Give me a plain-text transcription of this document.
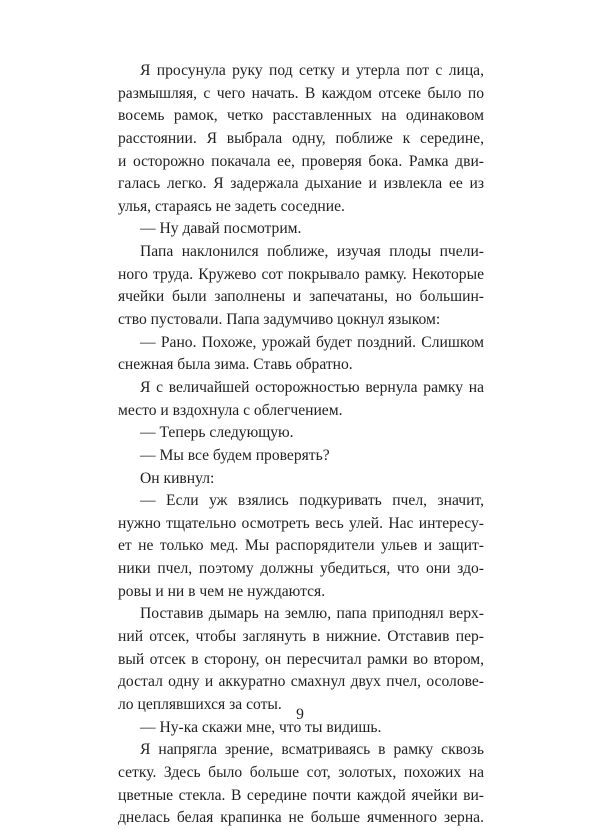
Я просунула руку под сетку и утерла пот с лица,
размышляя, с чего начать. В каждом отсеке было по
восемь рамок, четко расставленных на одинаковом
расстоянии. Я выбрала одну, поближе к середине,
и осторожно покачала ее, проверяя бока. Рамка дви-
галась легко. Я задержала дыхание и извлекла ее из
улья, стараясь не задеть соседние.
— Ну давай посмотрим.
Папа наклонился поближе, изучая плоды пчели-
ного труда. Кружево сот покрывало рамку. Некоторые
ячейки были заполнены и запечатаны, но большин-
ство пустовали. Папа задумчиво цокнул языком:
— Рано. Похоже, урожай будет поздний. Слишком
снежная была зима. Ставь обратно.
Я с величайшей осторожностью вернула рамку на
место и вздохнула с облегчением.
— Теперь следующую.
— Мы все будем проверять?
Он кивнул:
— Если уж взялись подкуривать пчел, значит,
нужно тщательно осмотреть весь улей. Нас интересу-
ет не только мед. Мы распорядители ульев и защит-
ники пчел, поэтому должны убедиться, что они здо-
ровы и ни в чем не нуждаются.
Поставив дымарь на землю, папа приподнял верх-
ний отсек, чтобы заглянуть в нижние. Отставив пер-
вый отсек в сторону, он пересчитал рамки во втором,
достал одну и аккуратно смахнул двух пчел, осолове-
ло цеплявшихся за соты.
— Ну-ка скажи мне, что ты видишь.
Я напрягла зрение, всматриваясь в рамку сквозь
сетку. Здесь было больше сот, золотых, похожих на
цветные стекла. В середине почти каждой ячейки ви-
днелась белая крапинка не больше ячменного зерна.
9
